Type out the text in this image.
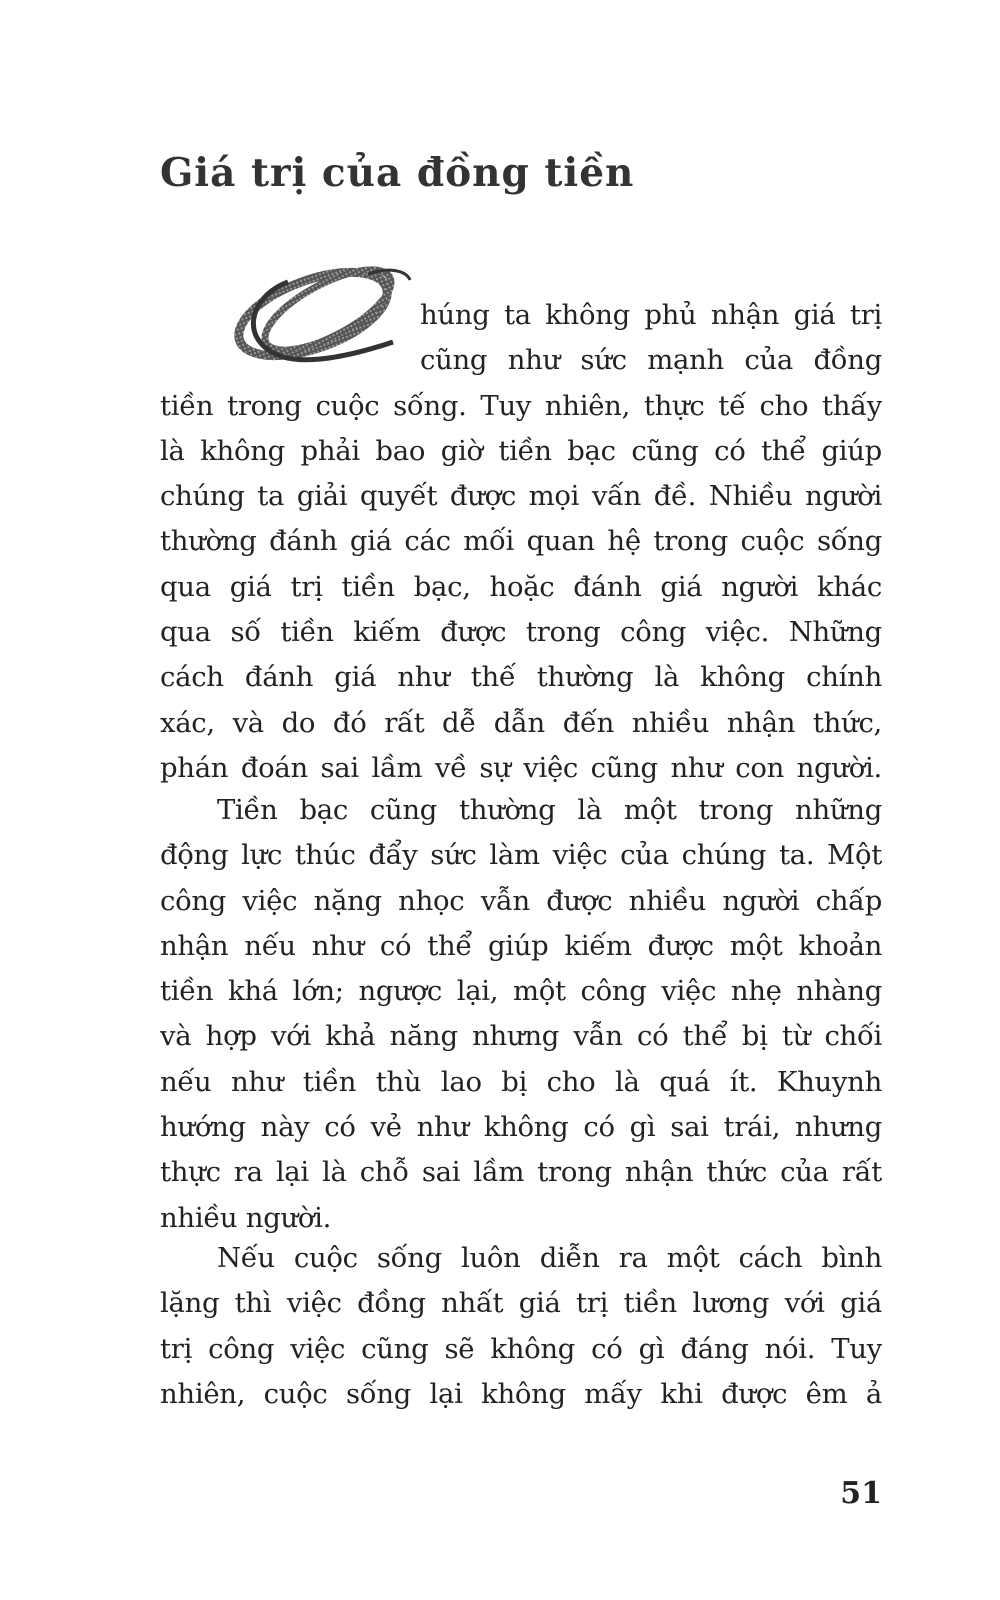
Giá trị của đồng tiền
húng ta không phủ nhận giá trị
cũng như sức mạnh của đồng
tiền trong cuộc sống. Tuy nhiên, thực tế cho thấy
là không phải bao giờ tiền bạc cũng có thể giúp
chúng ta giải quyết được mọi vấn đề. Nhiều người
thường đánh giá các mối quan hệ trong cuộc sống
qua giá trị tiền bạc, hoặc đánh giá người khác
qua số tiền kiếm được trong công việc. Những
cách đánh giá như thế thường là không chính
xác, và do đó rất dễ dẫn đến nhiều nhận thức,
phán đoán sai lầm về sự việc cũng như con người.
Tiền bạc cũng thường là một trong những
động lực thúc đẩy sức làm việc của chúng ta. Một
công việc nặng nhọc vẫn được nhiều người chấp
nhận nếu như có thể giúp kiếm được một khoản
tiền khá lớn; ngược lại, một công việc nhẹ nhàng
và hợp với khả năng nhưng vẫn có thể bị từ chối
nếu như tiền thù lao bị cho là quá ít. Khuynh
hướng này có vẻ như không có gì sai trái, nhưng
thực ra lại là chỗ sai lầm trong nhận thức của rất
nhiều người.
Nếu cuộc sống luôn diễn ra một cách bình
lặng thì việc đồng nhất giá trị tiền lương với giá
trị công việc cũng sẽ không có gì đáng nói. Tuy
nhiên, cuộc sống lại không mấy khi được êm ả
51
